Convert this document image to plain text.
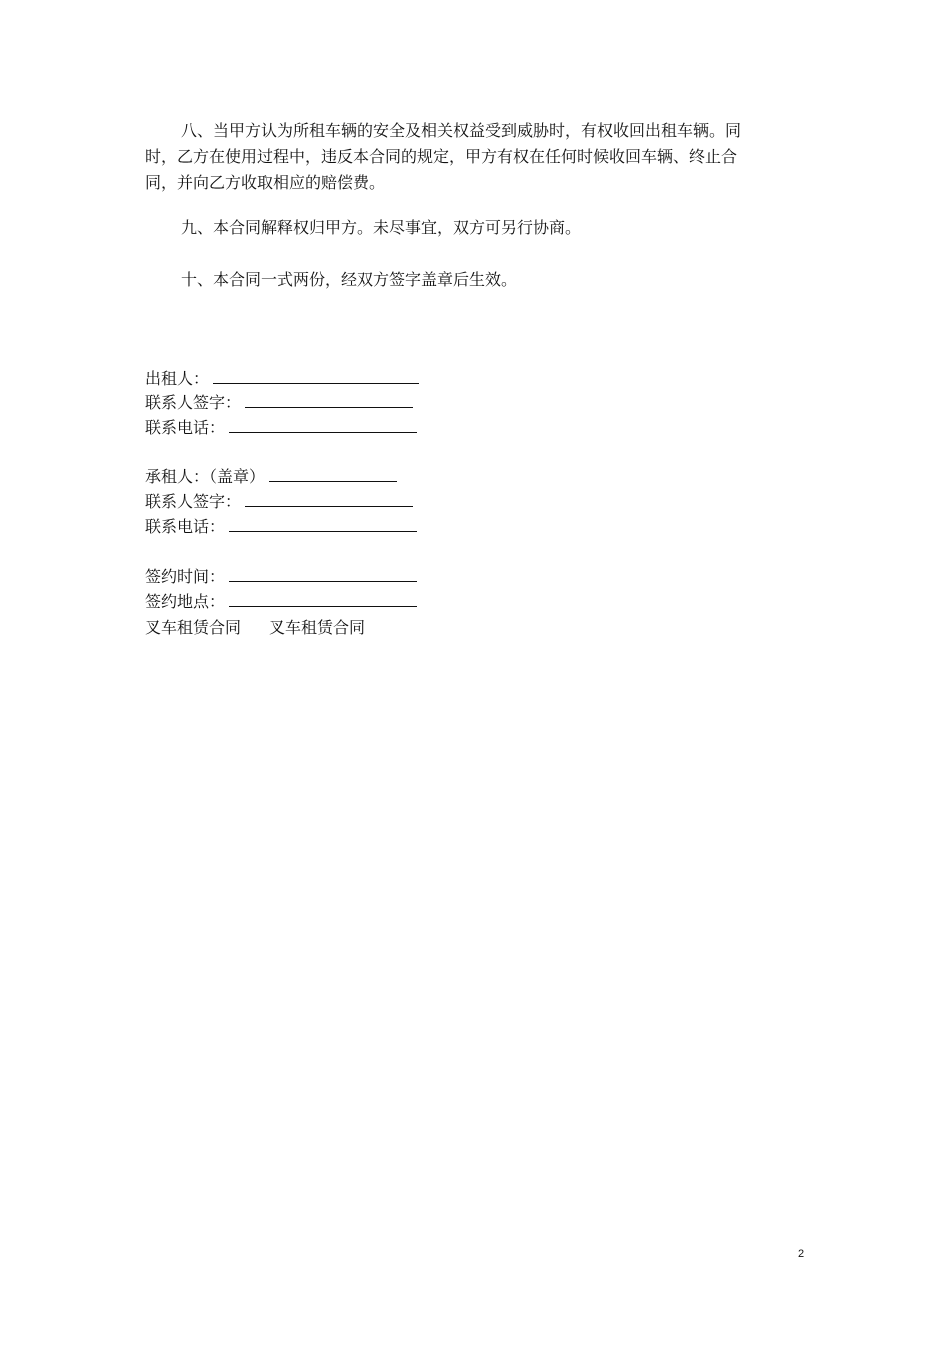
八、当甲方认为所租车辆的安全及相关权益受到威胁时，有权收回出租车辆。同时，乙方在使用过程中，违反本合同的规定，甲方有权在任何时候收回车辆、终止合同，并向乙方收取相应的赔偿费。
九、本合同解释权归甲方。未尽事宜，双方可另行协商。
十、本合同一式两份，经双方签字盖章后生效。
出租人：
联系人签字：
联系电话：
承租人：（盖章）
联系人签字：
联系电话：
签约时间：
签约地点：
叉车租赁合同 叉车租赁合同
2
